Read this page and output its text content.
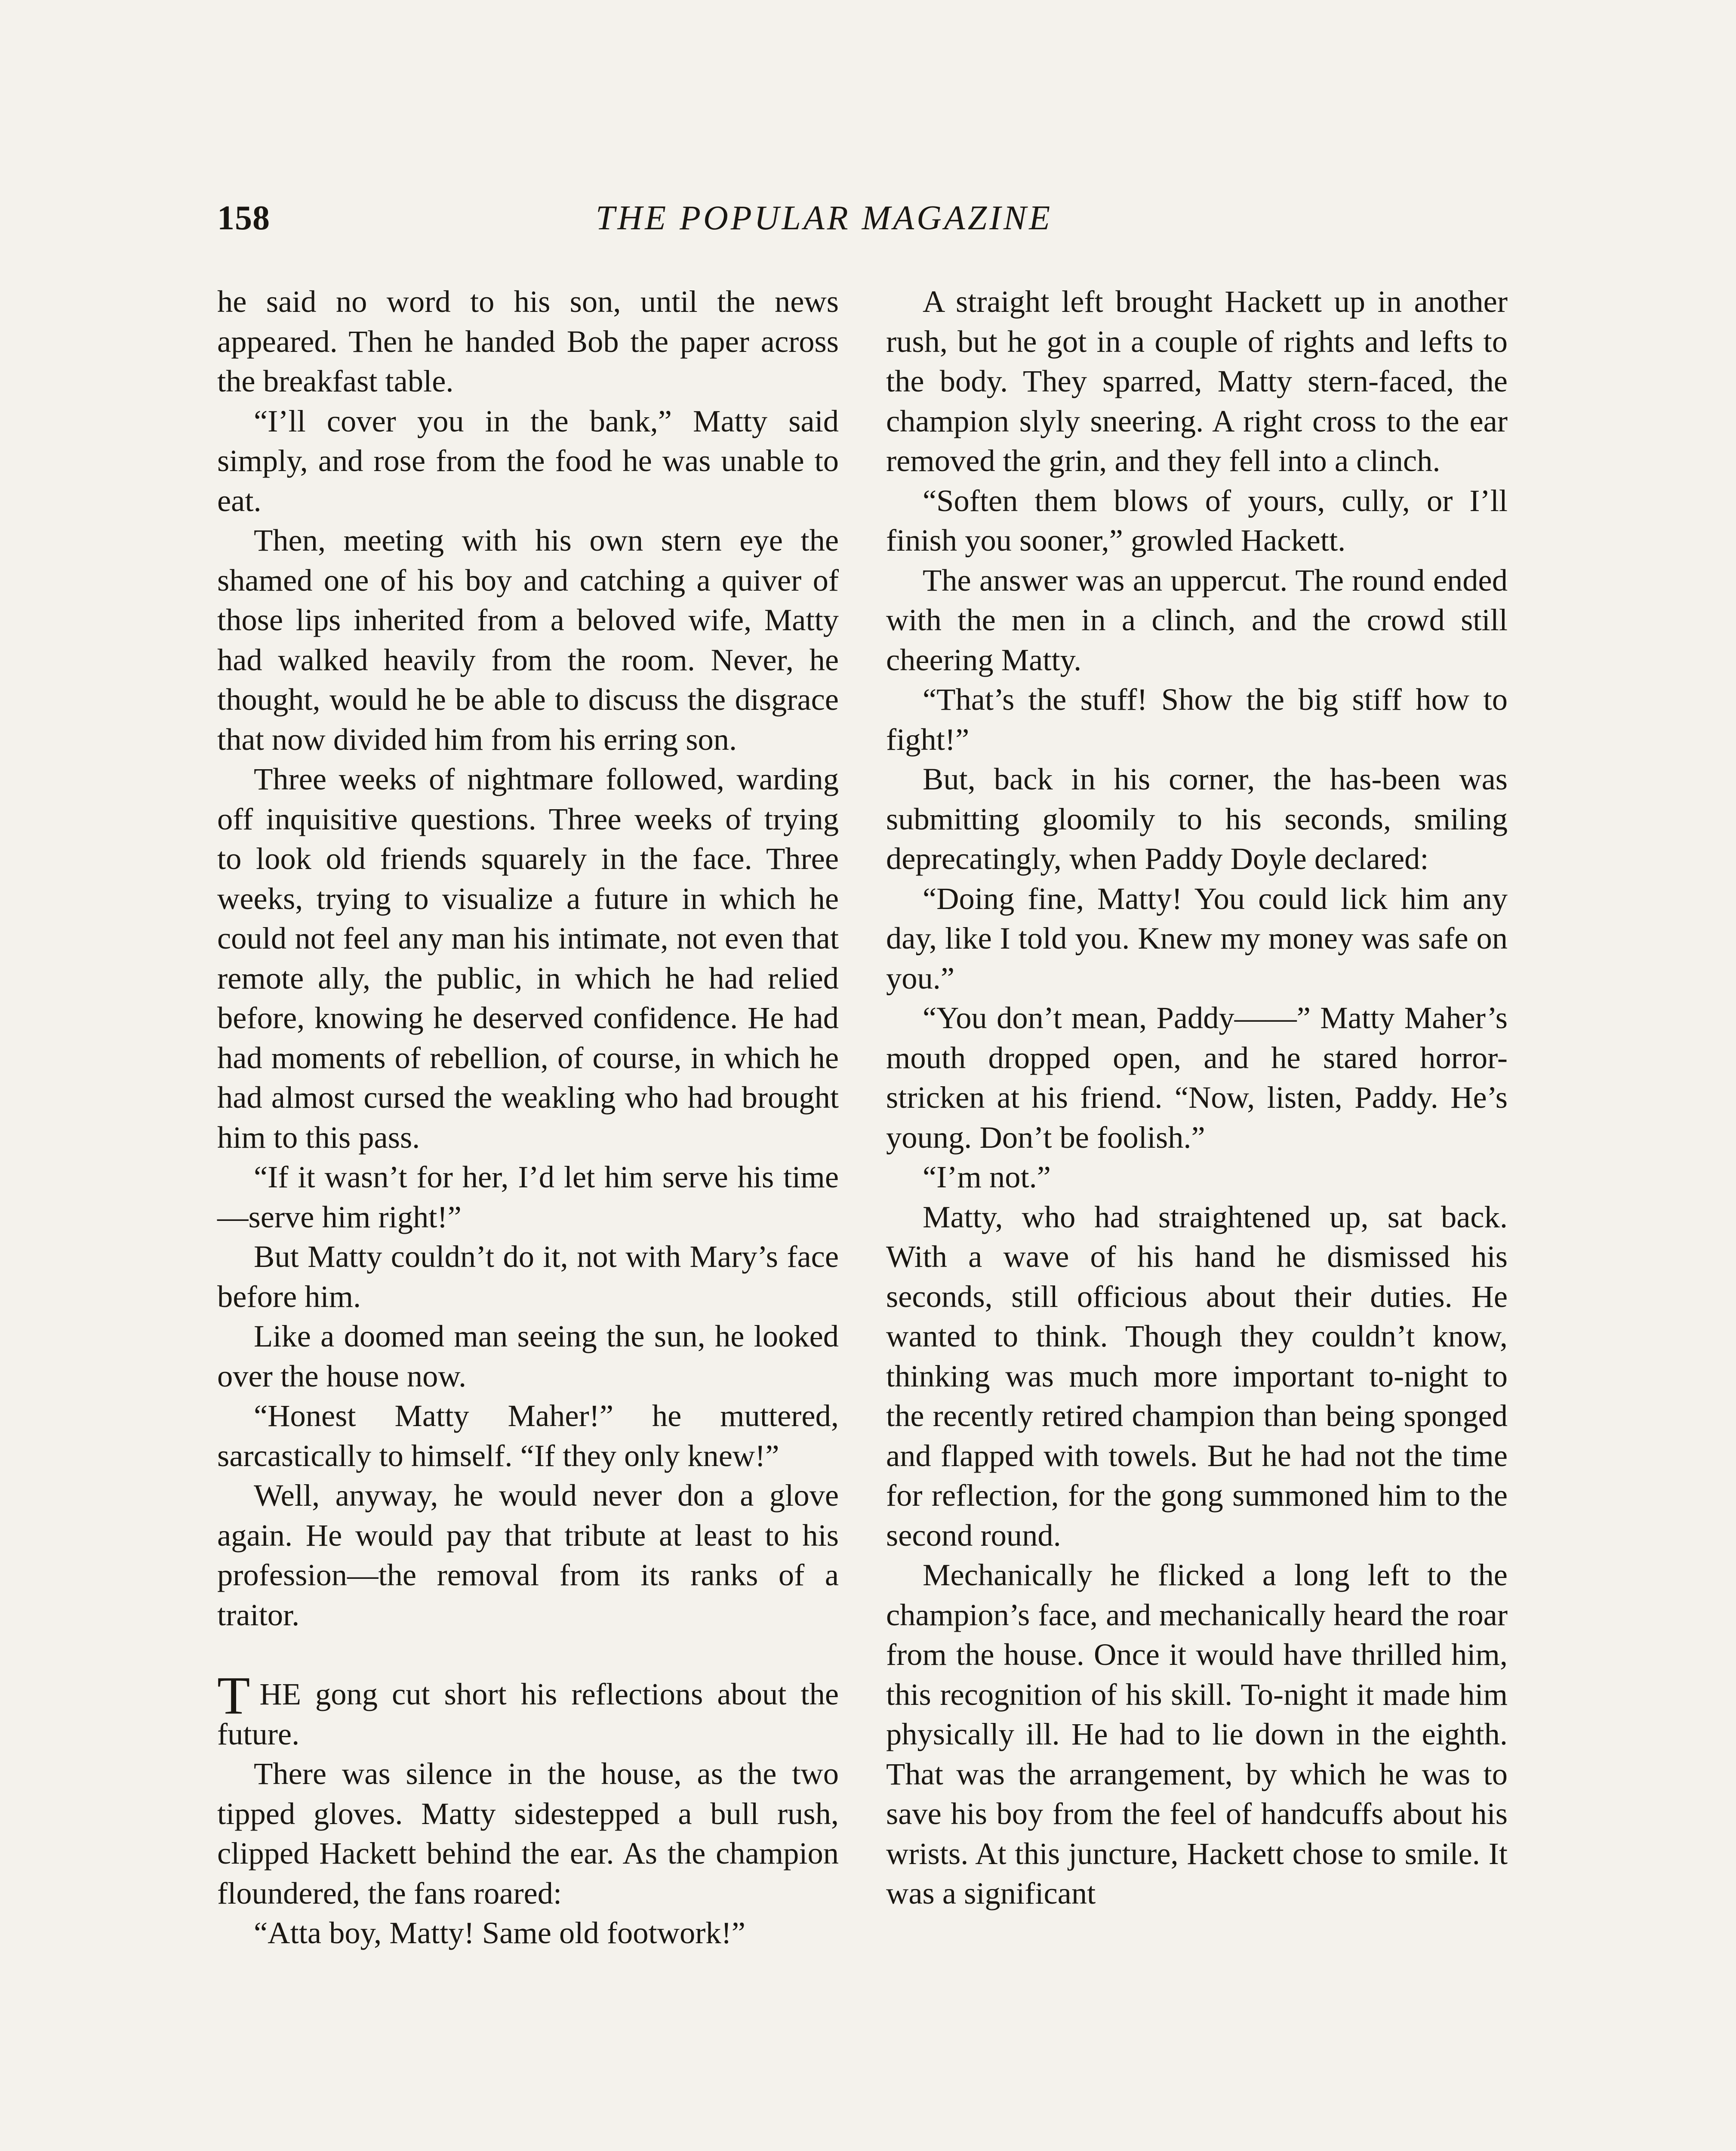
158	THE POPULAR MAGAZINE

he said no word to his son, until the news appeared. Then he handed Bob the paper across the breakfast table.

“I’ll cover you in the bank,” Matty said simply, and rose from the food he was unable to eat.

Then, meeting with his own stern eye the shamed one of his boy and catching a quiver of those lips inherited from a beloved wife, Matty had walked heavily from the room. Never, he thought, would he be able to discuss the disgrace that now divided him from his erring son.

Three weeks of nightmare followed, warding off inquisitive questions. Three weeks of trying to look old friends squarely in the face. Three weeks, trying to visualize a future in which he could not feel any man his intimate, not even that remote ally, the public, in which he had relied before, knowing he deserved confidence. He had had moments of rebellion, of course, in which he had almost cursed the weakling who had brought him to this pass.

“If it wasn’t for her, I’d let him serve his time—serve him right!”

But Matty couldn’t do it, not with Mary’s face before him.

Like a doomed man seeing the sun, he looked over the house now.

“Honest Matty Maher!” he muttered, sarcastically to himself. “If they only knew!”

Well, anyway, he would never don a glove again. He would pay that tribute at least to his profession—the removal from its ranks of a traitor.

THE gong cut short his reflections about the future.

There was silence in the house, as the two tipped gloves. Matty sidestepped a bull rush, clipped Hackett behind the ear. As the champion floundered, the fans roared:

“Atta boy, Matty! Same old footwork!”

A straight left brought Hackett up in another rush, but he got in a couple of rights and lefts to the body. They sparred, Matty stern-faced, the champion slyly sneering. A right cross to the ear removed the grin, and they fell into a clinch.

“Soften them blows of yours, cully, or I’ll finish you sooner,” growled Hackett.

The answer was an uppercut. The round ended with the men in a clinch, and the crowd still cheering Matty.

“That’s the stuff! Show the big stiff how to fight!”

But, back in his corner, the has-been was submitting gloomily to his seconds, smiling deprecatingly, when Paddy Doyle declared:

“Doing fine, Matty! You could lick him any day, like I told you. Knew my money was safe on you.”

“You don’t mean, Paddy——” Matty Maher’s mouth dropped open, and he stared horror-stricken at his friend. “Now, listen, Paddy. He’s young. Don’t be foolish.”

“I’m not.”

Matty, who had straightened up, sat back. With a wave of his hand he dismissed his seconds, still officious about their duties. He wanted to think. Though they couldn’t know, thinking was much more important to-night to the recently retired champion than being sponged and flapped with towels. But he had not the time for reflection, for the gong summoned him to the second round.

Mechanically he flicked a long left to the champion’s face, and mechanically heard the roar from the house. Once it would have thrilled him, this recognition of his skill. To-night it made him physically ill. He had to lie down in the eighth. That was the arrangement, by which he was to save his boy from the feel of handcuffs about his wrists. At this juncture, Hackett chose to smile. It was a significant
